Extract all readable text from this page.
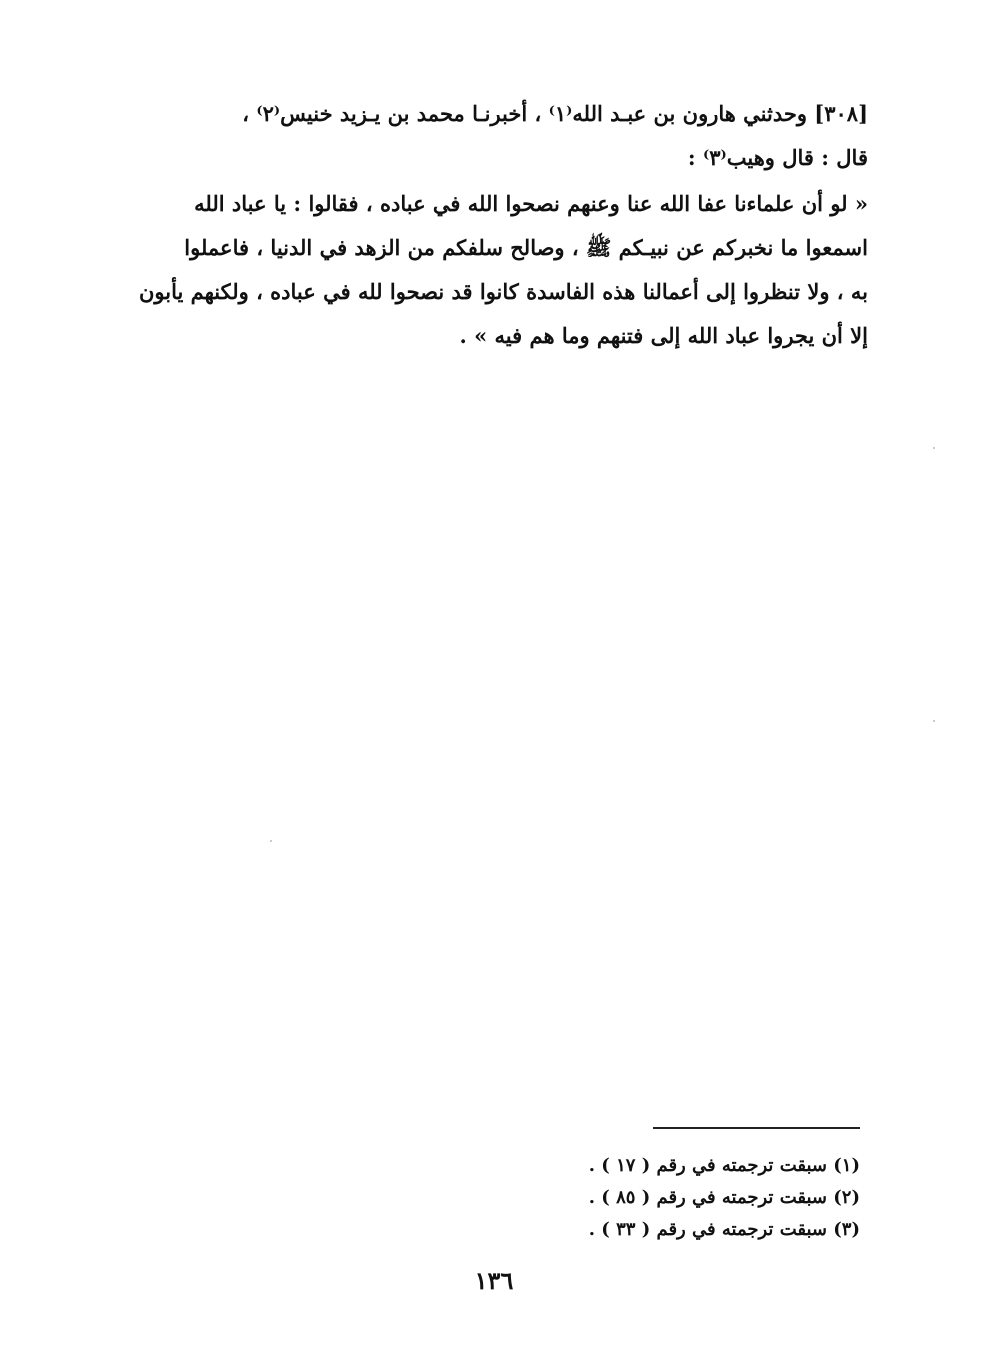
[٣٠٨] وحدثني هارون بن عبـد الله⁽١⁾ ، أخبرنـا محمد بن يـزيد خنيس⁽٢⁾ ،
قال : قال وهيب⁽٣⁾ :
« لو أن علماءنا عفا الله عنا وعنهم نصحوا الله في عباده ، فقالوا : يا عباد الله
اسمعوا ما نخبركم عن نبيـكم ﷺ ، وصالح سلفكم من الزهد في الدنيا ، فاعملوا
به ، ولا تنظروا إلى أعمالنا هذه الفاسدة كانوا قد نصحوا لله في عباده ، ولكنهم يأبون
إلا أن يجروا عباد الله إلى فتنهم وما هم فيه » .
(١) سبقت ترجمته في رقم ( ١٧ ) .
(٢) سبقت ترجمته في رقم ( ٨٥ ) .
(٣) سبقت ترجمته في رقم ( ٣٣ ) .
١٣٦
